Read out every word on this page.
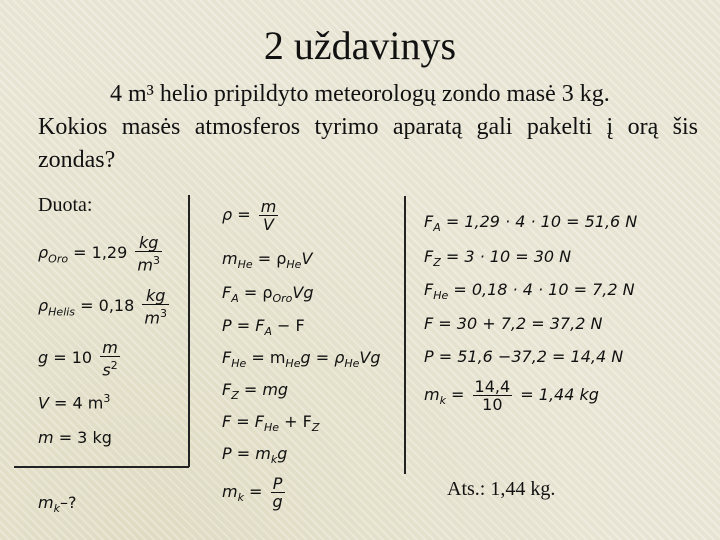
2 uždavinys
4 m³ helio pripildyto meteorologų zondo masė 3 kg.
Kokios masės atmosferos tyrimo aparatą gali pakelti į orą šis zondas?
Duota:
$\rho_{Oro} = 1,29 \frac{kg}{m^3}$
$\rho_{Helis} = 0,18 \frac{kg}{m^3}$
$g = 10 \frac{m}{s^2}$
V = 4 $m^3$
m = 3 kg
$m_k-$?
$\rho = \frac{m}{V}$
$m_{He} = \rho_{He}V$
$F_A = \rho_{Oro}Vg$
$P = F_A - F$
$F_{He} = m_{He}g = \rho_{He}Vg$
$F_Z$ = mg
$F = F_{He} + F_Z$
$P = m_kg$
$m_k = \frac{P}{g}$
$F_A = 1,29 \cdot 4 \cdot 10 = 51,6$ N
$F_Z = 3 \cdot 10 = 30$ N
$F_{He} = 0,18 \cdot 4 \cdot 10 = 7,2$ N
F = 30 + 7,2 = 37,2 N
P = 51,6 −37,2 = 14,4 N
$m_k = \frac{14,4}{10} = 1,44$ kg
Ats.: 1,44 kg.
